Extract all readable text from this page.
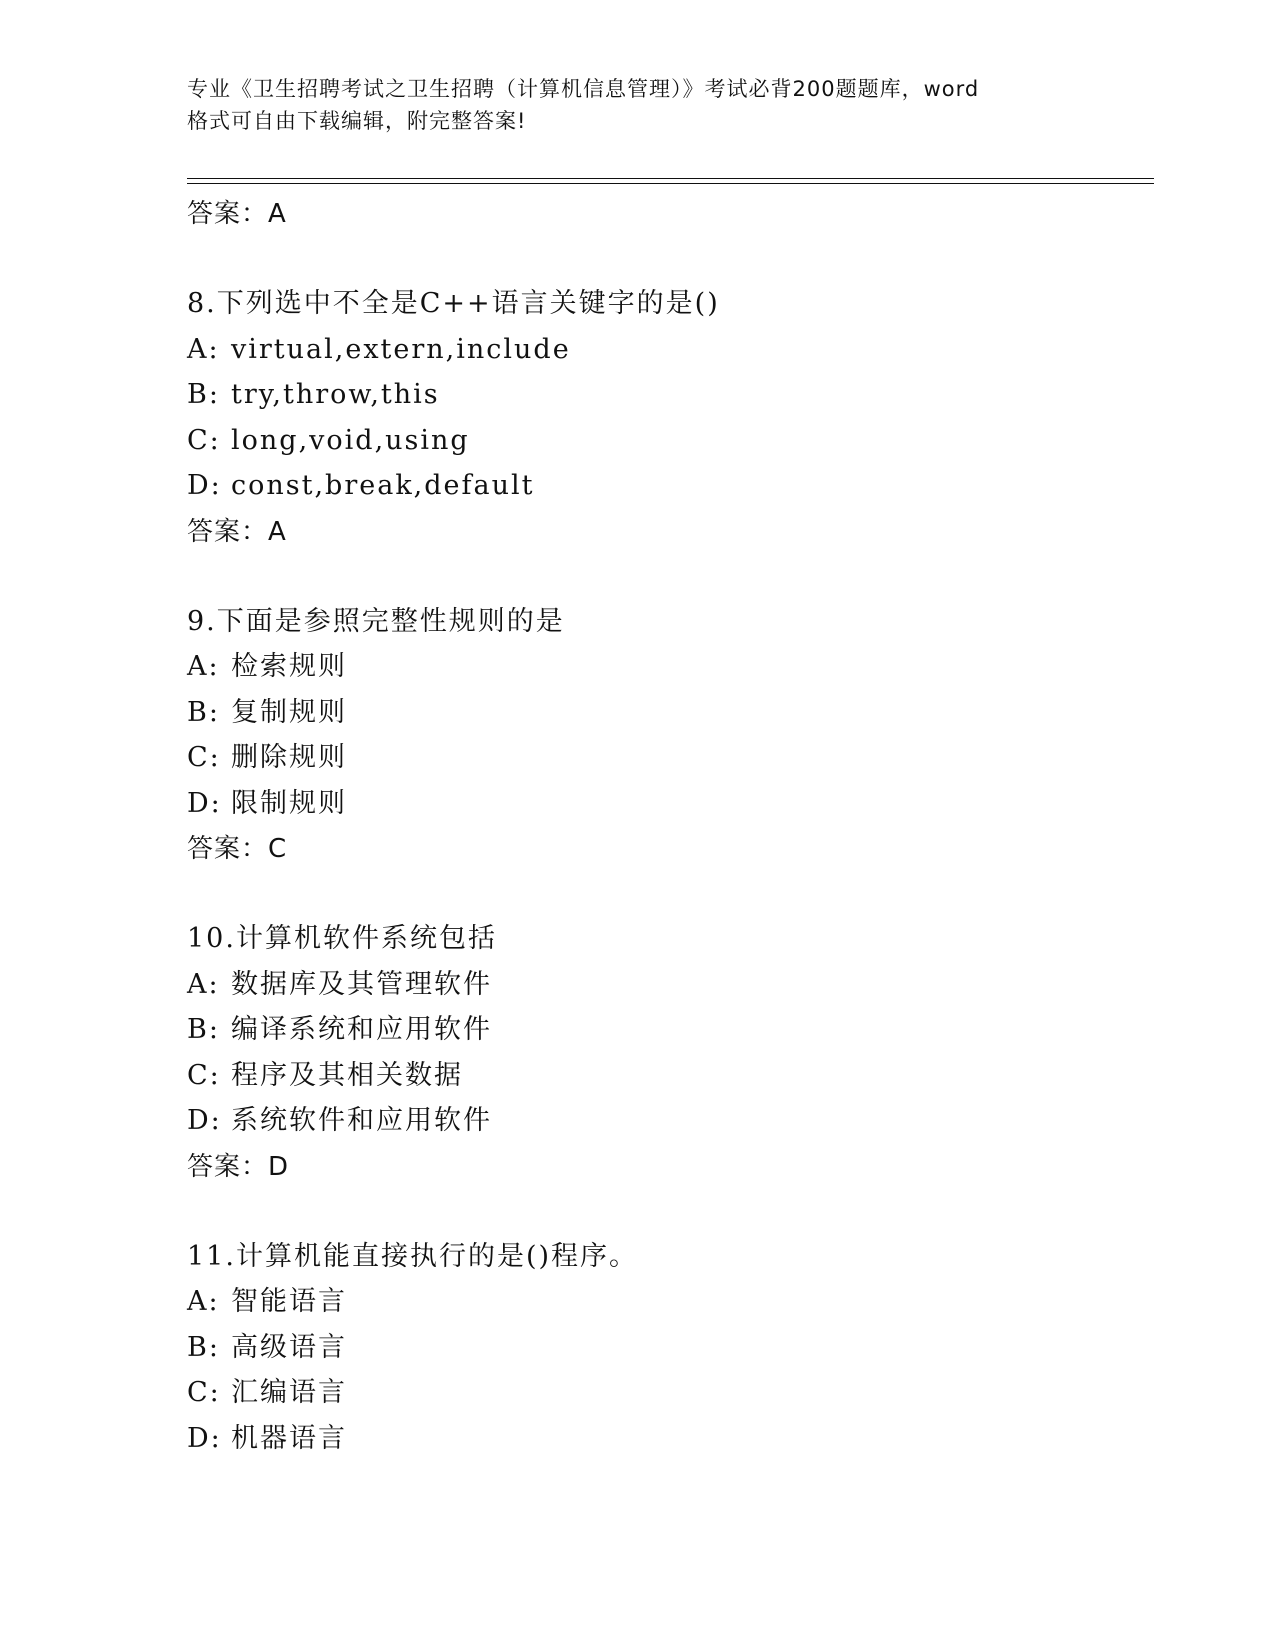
专业《卫生招聘考试之卫生招聘（计算机信息管理）》考试必背200题题库，word
格式可自由下载编辑，附完整答案!
答案：A
8.下列选中不全是C++语言关键字的是()
A: virtual,extern,include
B: try,throw,this
C: long,void,using
D: const,break,default
答案：A
9.下面是参照完整性规则的是
A: 检索规则
B: 复制规则
C: 删除规则
D: 限制规则
答案：C
10.计算机软件系统包括
A: 数据库及其管理软件
B: 编译系统和应用软件
C: 程序及其相关数据
D: 系统软件和应用软件
答案：D
11.计算机能直接执行的是()程序。
A: 智能语言
B: 高级语言
C: 汇编语言
D: 机器语言
